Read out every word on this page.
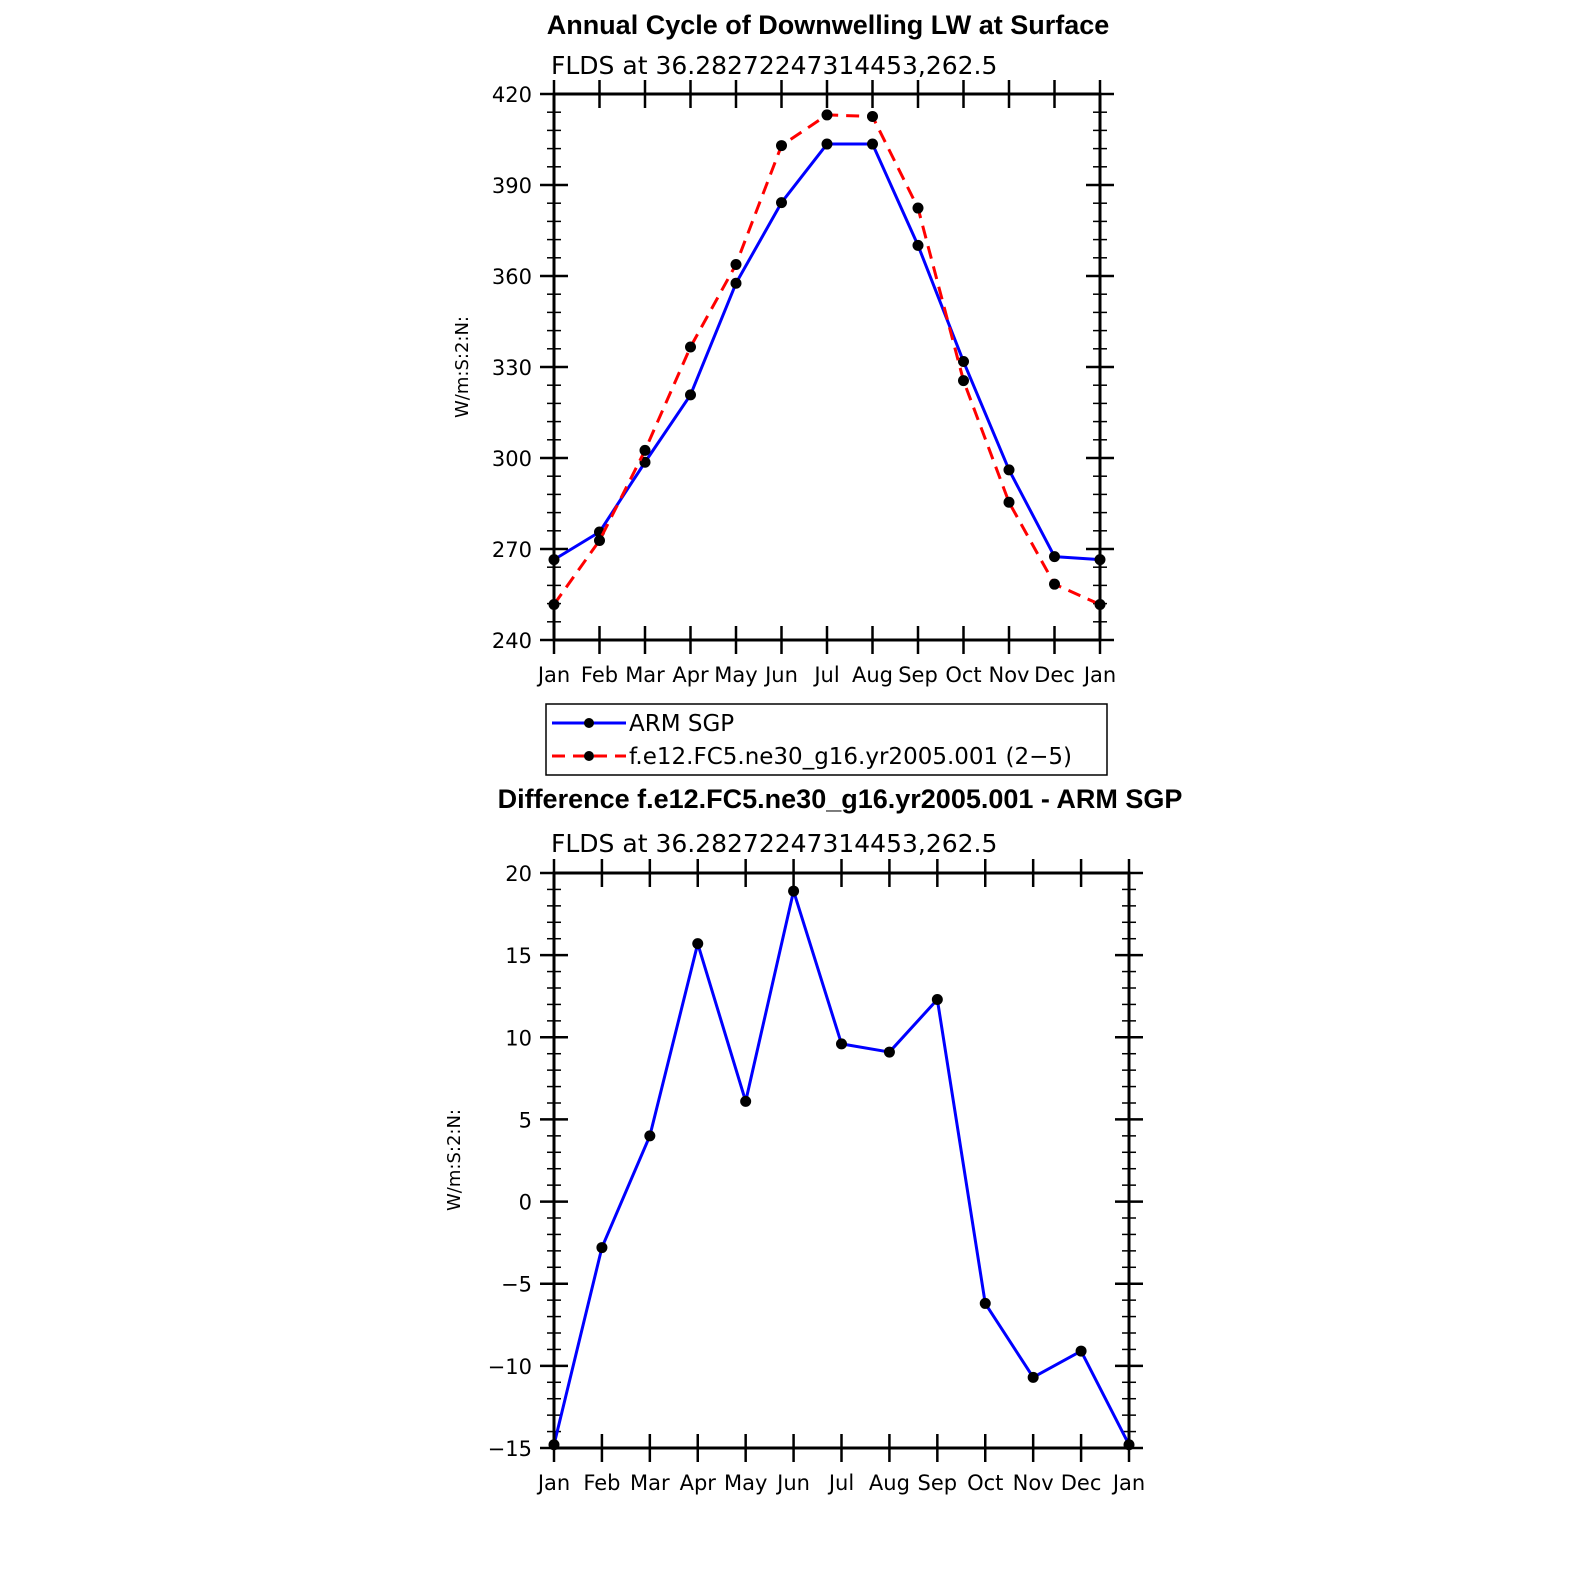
Annual Cycle of Downwelling LW at Surface
FLDS at 36.28272247314453,262.5
W/m:S:2:N:
240
270
300
330
360
390
420
Jan Feb Mar Apr May Jun Jul Aug Sep Oct Nov Dec Jan
ARM SGP
f.e12.FC5.ne30_g16.yr2005.001 (2−5)
Difference f.e12.FC5.ne30_g16.yr2005.001 - ARM SGP
FLDS at 36.28272247314453,262.5
W/m:S:2:N:
−15
−10
−5
0
5
10
15
20
Jan Feb Mar Apr May Jun Jul Aug Sep Oct Nov Dec Jan
